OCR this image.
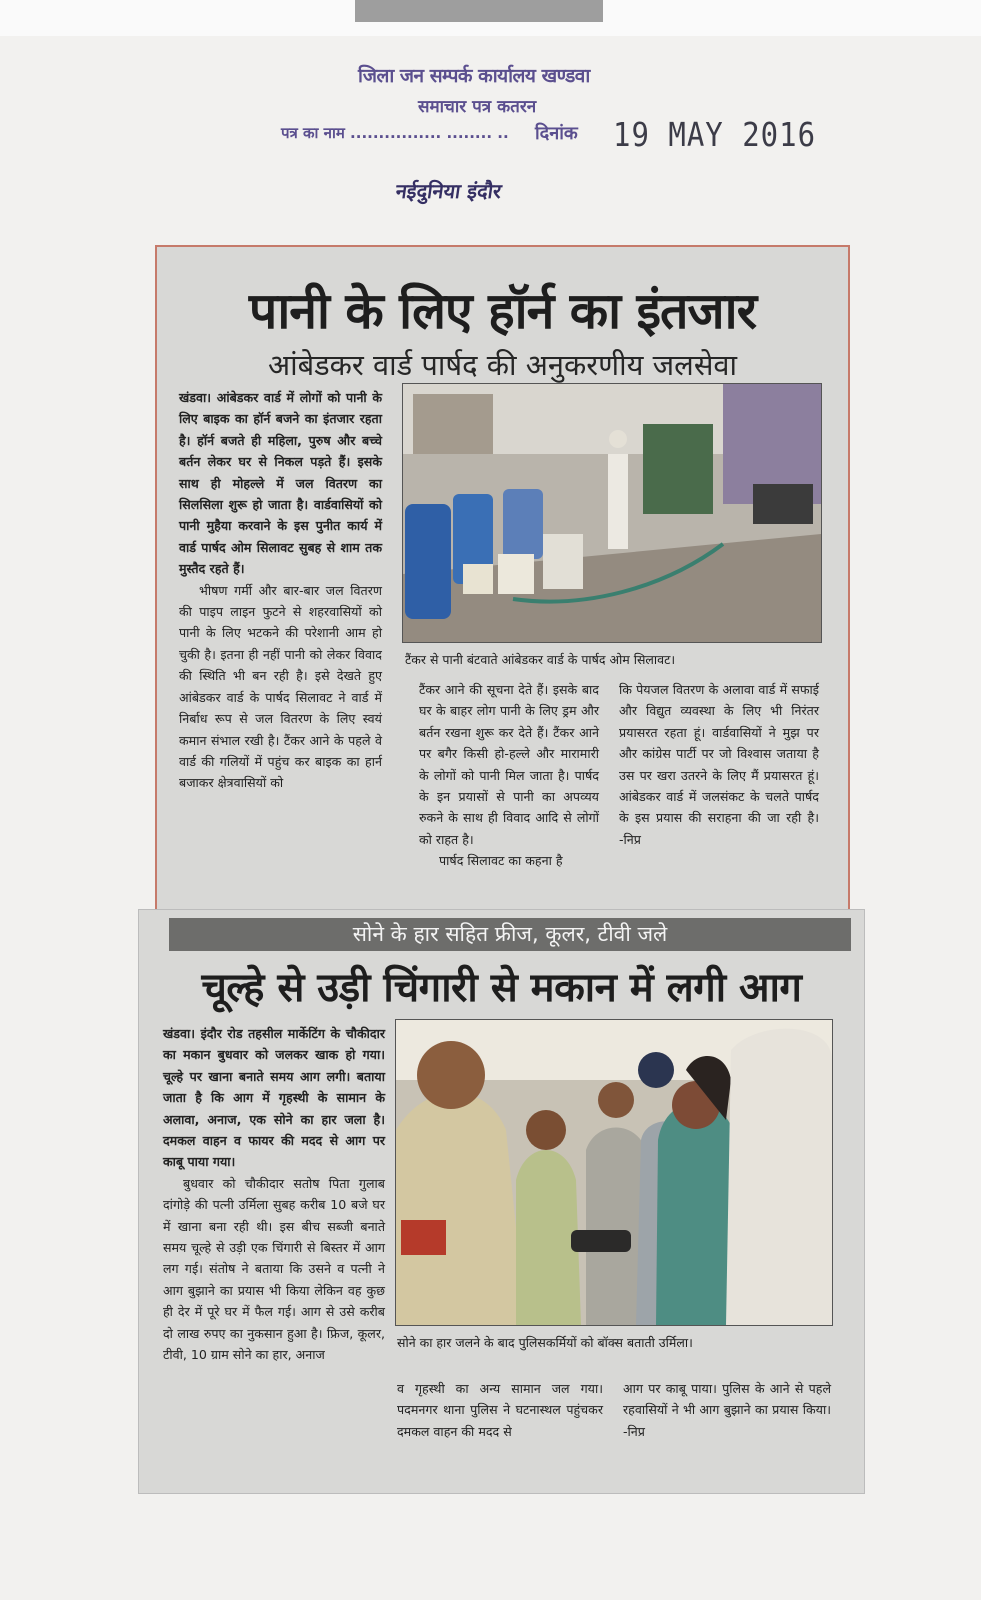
जिला जन सम्पर्क कार्यालय खण्डवा
समाचार पत्र कतरन
पत्र का नाम ................ ........ .. दिनांक 19 MAY 2016
नईदुनिया इंदौर
पानी के लिए हॉर्न का इंतजार
आंबेडकर वार्ड पार्षद की अनुकरणीय जलसेवा

खंडवा। आंबेडकर वार्ड में लोगों को पानी के लिए बाइक का हॉर्न बजने का इंतजार रहता है। हॉर्न बजते ही महिला, पुरुष और बच्चे बर्तन लेकर घर से निकल पड़ते हैं। इसके साथ ही मोहल्ले में जल वितरण का सिलसिला शुरू हो जाता है। वार्डवासियों को पानी मुहैया करवाने के इस पुनीत कार्य में वार्ड पार्षद ओम सिलावट सुबह से शाम तक मुस्तैद रहते हैं।

भीषण गर्मी और बार-बार जल वितरण की पाइप लाइन फुटने से शहरवासियों को पानी के लिए भटकने की परेशानी आम हो चुकी है। इतना ही नहीं पानी को लेकर विवाद की स्थिति भी बन रही है। इसे देखते हुए आंबेडकर वार्ड के पार्षद सिलावट ने वार्ड में निर्बाध रूप से जल वितरण के लिए स्वयं कमान संभाल रखी है। टैंकर आने के पहले वे वार्ड की गलियों में पहुंच कर बाइक का हार्न बजाकर क्षेत्रवासियों को

टैंकर से पानी बंटवाते आंबेडकर वार्ड के पार्षद ओम सिलावट।

टैंकर आने की सूचना देते हैं। इसके बाद घर के बाहर लोग पानी के लिए ड्रम और बर्तन रखना शुरू कर देते हैं। टैंकर आने पर बगैर किसी हो-हल्ले और मारामारी के लोगों को पानी मिल जाता है। पार्षद के इन प्रयासों से पानी का अपव्यय रुकने के साथ ही विवाद आदि से लोगों को राहत है।

पार्षद सिलावट का कहना है

कि पेयजल वितरण के अलावा वार्ड में सफाई और विद्युत व्यवस्था के लिए भी निरंतर प्रयासरत रहता हूं। वार्डवासियों ने मुझ पर और कांग्रेस पार्टी पर जो विश्वास जताया है उस पर खरा उतरने के लिए मैं प्रयासरत हूं। आंबेडकर वार्ड में जलसंकट के चलते पार्षद के इस प्रयास की सराहना की जा रही है। -निप्र

सोने के हार सहित फ्रीज, कूलर, टीवी जले
चूल्हे से उड़ी चिंगारी से मकान में लगी आग

खंडवा। इंदौर रोड तहसील मार्केटिंग के चौकीदार का मकान बुधवार को जलकर खाक हो गया। चूल्हे पर खाना बनाते समय आग लगी। बताया जाता है कि आग में गृहस्थी के सामान के अलावा, अनाज, एक सोने का हार जला है। दमकल वाहन व फायर की मदद से आग पर काबू पाया गया।

बुधवार को चौकीदार सतोष पिता गुलाब दांगोड़े की पत्नी उर्मिला सुबह करीब 10 बजे घर में खाना बना रही थी। इस बीच सब्जी बनाते समय चूल्हे से उड़ी एक चिंगारी से बिस्तर में आग लग गई। संतोष ने बताया कि उसने व पत्नी ने आग बुझाने का प्रयास भी किया लेकिन वह कुछ ही देर में पूरे घर में फैल गई। आग से उसे करीब दो लाख रुपए का नुकसान हुआ है। फ्रिज, कूलर, टीवी, 10 ग्राम सोने का हार, अनाज

सोने का हार जलने के बाद पुलिसकर्मियों को बॉक्स बताती उर्मिला।

व गृहस्थी का अन्य सामान जल गया। पदमनगर थाना पुलिस ने घटनास्थल पहुंचकर दमकल वाहन की मदद से

आग पर काबू पाया। पुलिस के आने से पहले रहवासियों ने भी आग बुझाने का प्रयास किया। -निप्र
